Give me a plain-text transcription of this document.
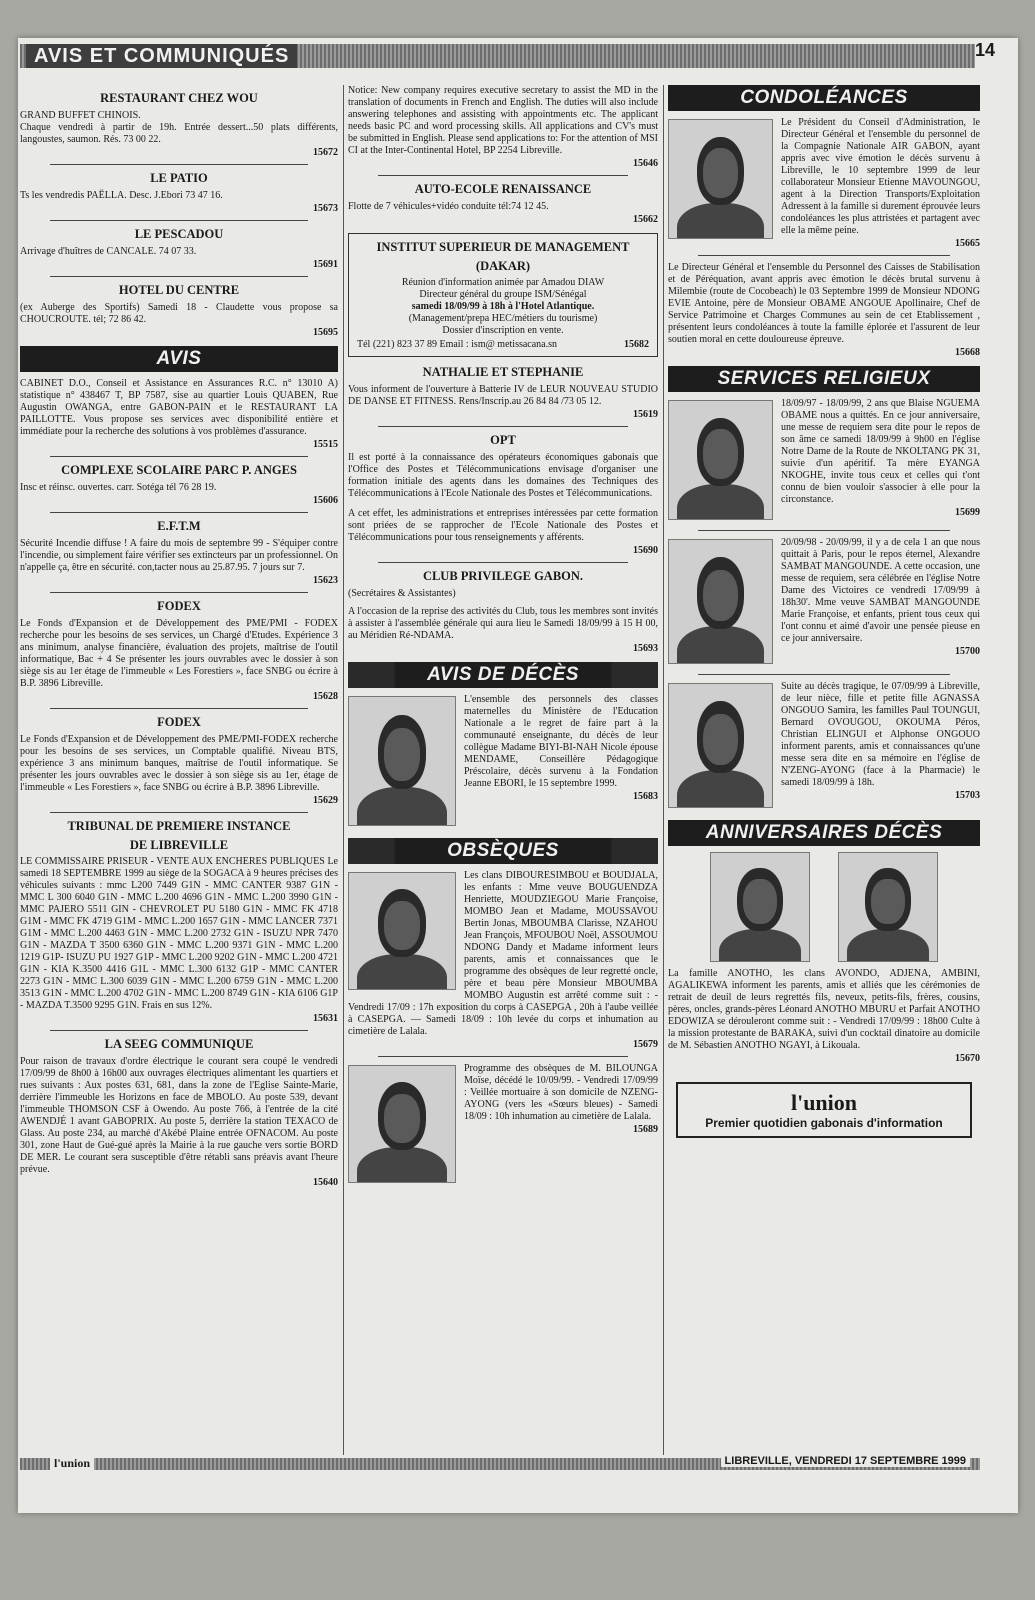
AVIS ET COMMUNIQUÉS	14
RESTAURANT CHEZ WOU
GRAND BUFFET CHINOIS.
Chaque vendredi à partir de 19h. Entrée dessert...50 plats différents, langoustes, saumon. Rés. 73 00 22.
15672
LE PATIO
Ts les vendredis PAËLLA. Desc. J.Ebori 73 47 16.
15673
LE PESCADOU
Arrivage d'huîtres de CANCALE. 74 07 33.
15691
HOTEL DU CENTRE
(ex Auberge des Sportifs) Samedi 18 - Claudette vous propose sa CHOUCROUTE. tél; 72 86 42.
15695
AVIS
CABINET D.O., Conseil et Assistance en Assurances R.C. n° 13010 A) statistique n° 438467 T, BP 7587, sise au quartier Louis QUABEN, Rue Augustin OWANGA, entre GABON-PAIN et le RESTAURANT LA PAILLOTTE. Vous propose ses services avec disponibilité entière et immédiate pour la recherche des solutions à vos problèmes d'assurance.
15515
COMPLEXE SCOLAIRE PARC P. ANGES
Insc et réinsc. ouvertes. carr. Sotéga tél 76 28 19.
15606
E.F.T.M
Sécurité Incendie diffuse ! A faire du mois de septembre 99 - S'équiper contre l'incendie, ou simplement faire vérifier ses extincteurs par un professionnel. On n'appelle ça, être en sécurité. con,tacter nous au 25.87.95. 7 jours sur 7.
15623
FODEX
Le Fonds d'Expansion et de Développement des PME/PMI - FODEX recherche pour les besoins de ses services, un Chargé d'Etudes. Expérience 3 ans minimum, analyse financière, évaluation des projets, maîtrise de l'outil informatique, Bac + 4 Se présenter les jours ouvrables avec le dossier à son siège sis au 1er étage de l'immeuble « Les Forestiers », face SNBG ou écrire à B.P. 3896 Libreville.
15628
FODEX
Le Fonds d'Expansion et de Développement des PME/PMI-FODEX recherche pour les besoins de ses services, un Comptable qualifié. Niveau BTS, expérience 3 ans minimum banques, maîtrise de l'outil informatique. Se présenter les jours ouvrables avec le dossier à son siège sis au 1er, étage de l'immeuble « Les Forestiers », face SNBG ou écrire à B.P. 3896 Libreville.
15629
TRIBUNAL DE PREMIERE INSTANCE
DE LIBREVILLE
LE COMMISSAIRE PRISEUR - VENTE AUX ENCHERES PUBLIQUES Le samedi 18 SEPTEMBRE 1999 au siège de la SOGACA à 9 heures précises des véhicules suivants : mmc L200 7449 G1N - MMC CANTER 9387 G1N - MMC L 300 6040 G1N - MMC L.200 4696 G1N - MMC L.200 3990 G1N - MMC PAJERO 5511 GIN - CHEVROLET PU 5180 G1N - MMC FK 4718 G1M - MMC FK 4719 G1M - MMC L.200 1657 G1N - MMC LANCER 7371 G1M - MMC L.200 4463 G1N - MMC L.200 2732 G1N - ISUZU NPR 7470 G1N - MAZDA T 3500 6360 G1N - MMC L.200 9371 G1N - MMC L.200 1219 G1P- ISUZU PU 1927 G1P - MMC L.200 9202 G1N - MMC L.200 4721 G1N - KIA K.3500 4416 G1L - MMC L.300 6132 G1P - MMC CANTER 2273 G1N - MMC L.300 6039 G1N - MMC L.200 6759 G1N - MMC L.200 3513 G1N - MMC L.200 4702 G1N - MMC L.200 8749 G1N - KIA 6106 G1P - MAZDA T.3500 9295 G1N. Frais en sus 12%.
15631
LA SEEG COMMUNIQUE
Pour raison de travaux d'ordre électrique le courant sera coupé le vendredi 17/09/99 de 8h00 à 16h00 aux ouvrages électriques alimentant les quartiers et rues suivants : Aux postes 631, 681, dans la zone de l'Eglise Sainte-Marie, derrière l'immeuble les Horizons en face de MBOLO. Au poste 539, devant l'immeuble THOMSON CSF à Owendo. Au poste 766, à l'entrée de la cité AWENDJÉ 1 avant GABOPRIX. Au poste 5, derrière la station TEXACO de Glass. Au poste 234, au marché d'Akébé Plaine entrée OFNACOM. Au poste 301, zone Haut de Gué-gué après la Mairie à la rue gauche vers sortie BORD DE MER. Le courant sera susceptible d'être rétabli sans préavis avant l'heure prévue.
15640
Notice: New company requires executive secretary to assist the MD in the translation of documents in French and English. The duties will also include answering telephones and assisting with appointments etc. The applicant needs basic PC and word processing skills. All applications and CV's must be submitted in English. Please send applications to: For the attention of MSI CI at the Inter-Continental Hotel, BP 2254 Libreville.
15646
AUTO-ECOLE RENAISSANCE
Flotte de 7 véhicules+vidéo conduite tél:74 12 45.
15662
INSTITUT SUPERIEUR DE MANAGEMENT
(DAKAR)
Réunion d'information animée par Amadou DIAW
Directeur général du groupe ISM/Sénégal
samedi 18/09/99 à 18h à l'Hotel Atlantique.
(Management/prepa HEC/métiers du tourisme)
Dossier d'inscription en vente.
Tél (221) 823 37 89 Email : ism@ metissacana.sn	15682
NATHALIE ET STEPHANIE
Vous informent de l'ouverture à Batterie IV de LEUR NOUVEAU STUDIO DE DANSE ET FITNESS. Rens/Inscrip.au 26 84 84 /73 05 12.
15619
OPT
Il est porté à la connaissance des opérateurs économiques gabonais que l'Office des Postes et Télécommunications envisage d'organiser une formation initiale des agents dans les domaines des Techniques des Télécommunications à l'Ecole Nationale des Postes et Télécommunications.
A cet effet, les administrations et entreprises intéressées par cette formation sont priées de se rapprocher de l'Ecole Nationale des Postes et Télécommunications pour tous renseignements y afférents.
15690
CLUB PRIVILEGE GABON.
(Secrétaires & Assistantes)
A l'occasion de la reprise des activités du Club, tous les membres sont invités à assister à l'assemblée générale qui aura lieu le Samedi 18/09/99 à 15 H 00, au Méridien Ré-NDAMA.
15693
AVIS DE DÉCÈS
L'ensemble des personnels des classes maternelles du Ministère de l'Education Nationale a le regret de faire part à la communauté enseignante, du décès de leur collègue Madame BIYI-BI-NAH Nicole épouse MENDAME, Conseillère Pédagogique Préscolaire, décès survenu à la Fondation Jeanne EBORI, le 15 septembre 1999.
15683
OBSÈQUES
Les clans DIBOURESIMBOU et BOUDJALA, les enfants : Mme veuve BOUGUENDZA Henriette, MOUDZIEGOU Marie Françoise, MOMBO Jean et Madame, MOUSSAVOU Bertin Jonas, MBOUMBA Clarisse, NZAHOU Jean François, MFOUBOU Noël, ASSOUMOU NDONG Dandy et Madame informent leurs parents, amis et connaissances que le programme des obsèques de leur regretté oncle, père et beau père Monsieur MBOUMBA MOMBO Augustin est arrêté comme suit : - Vendredi 17/09 : 17h exposition du corps à CASEPGA , 20h à l'aube veillée à CASEPGA. — Samedi 18/09 : 10h levée du corps et inhumation au cimetière de Lalala.
15679
Programme des obsèques de M. BILOUNGA Moïse, décédé le 10/09/99. - Vendredi 17/09/99 : Veillée mortuaire à son domicile de NZENG-AYONG (vers les «Sœurs bleues) - Samedi 18/09 : 10h inhumation au cimetière de Lalala.
15689
CONDOLÉANCES
Le Président du Conseil d'Administration, le Directeur Général et l'ensemble du personnel de la Compagnie Nationale AIR GABON, ayant appris avec vive émotion le décès survenu à Libreville, le 10 septembre 1999 de leur collaborateur Monsieur Etienne MAVOUNGOU, agent à la Direction Transports/Exploitation Adressent à la famille si durement éprouvée leurs condoléances les plus attristées et partagent avec elle la même peine.
15665
Le Directeur Général et l'ensemble du Personnel des Caisses de Stabilisation et de Péréquation, avant appris avec émotion le décès brutal survenu à Milembie (route de Cocobeach) le 03 Septembre 1999 de Monsieur NDONG EVIE Antoine, père de Monsieur OBAME ANGOUE Apollinaire, Chef de Service Patrimoine et Charges Communes au sein de cet Etablissement , présentent leurs condoléances à toute la famille éplorée et l'assurent de leur soutien moral en cette douloureuse épreuve.
15668
SERVICES RELIGIEUX
18/09/97 - 18/09/99, 2 ans que Blaise NGUEMA OBAME nous a quittés. En ce jour anniversaire, une messe de requiem sera dite pour le repos de son âme ce samedi 18/09/99 à 9h00 en l'église Notre Dame de la Route de NKOLTANG PK 31, suivie d'un apéritif. Ta mère EYANGA NKOGHE, invite tous ceux et celles qui t'ont connu de bien vouloir s'associer à elle pour la circonstance.
15699
20/09/98 - 20/09/99, il y a de cela 1 an que nous quittait à Paris, pour le repos éternel, Alexandre SAMBAT MANGOUNDE. A cette occasion, une messe de requiem, sera célébrée en l'église Notre Dame des Victoires ce vendredi 17/09/99 à 18h30'. Mme veuve SAMBAT MANGOUNDE Marie Françoise, et enfants, prient tous ceux qui l'ont connu et aimé d'avoir une pensée pieuse en ce jour anniversaire.
15700
Suite au décès tragique, le 07/09/99 à Libreville, de leur nièce, fille et petite fille AGNASSA ONGOUO Samira, les familles Paul TOUNGUI, Bernard OVOUGOU, OKOUMA Péros, Christian ELINGUI et Alphonse ONGOUO informent parents, amis et connaissances qu'une messe sera dite en sa mémoire en l'église de N'ZENG-AYONG (face à la Pharmacie) le samedi 18/09/99 à 18h.
15703
ANNIVERSAIRES DÉCÈS
La famille ANOTHO, les clans AVONDO, ADJENA, AMBINI, AGALIKEWA informent les parents, amis et alliés que les cérémonies de retrait de deuil de leurs regrettés fils, neveux, petits-fils, frères, cousins, pères, oncles, grands-pères Léonard ANOTHO MBURU et Parfait ANOTHO EDOWIZA se dérouleront comme suit : - Vendredi 17/09/99 : 18h00 Culte à la mission protestante de BARAKA, suivi d'un cocktail dinatoire au domicile de M. Sébastien ANOTHO NGAYI, à Likouala.
15670
l'union
Premier quotidien gabonais d'information
l'union	LIBREVILLE, VENDREDI 17 SEPTEMBRE 1999
